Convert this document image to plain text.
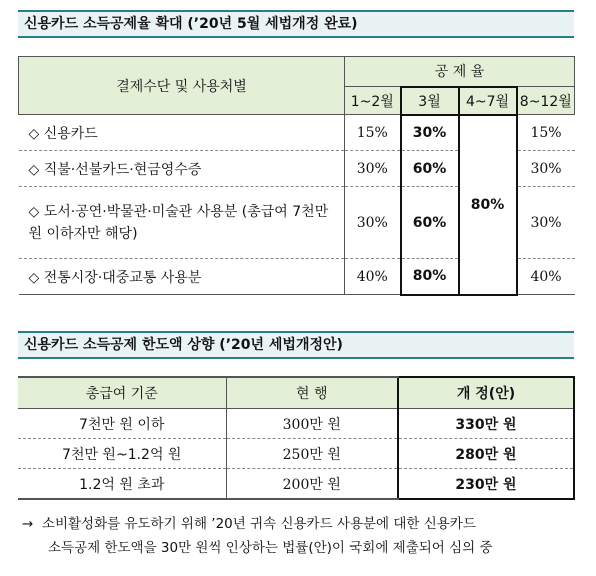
신용카드 소득공제율 확대 (’20년 5월 세법개정 완료)
결제수단 및 사용처별	공 제 율			
	1~2월	3월	4~7월	8~12월
◇ 신용카드	15%	30%	80%	15%
◇ 직불·선불카드·현금영수증	30%	60%		30%
◇ 도서·공연·박물관·미술관 사용분 (총급여 7천만 원 이하자만 해당)	30%	60%		30%
◇ 전통시장·대중교통 사용분	40%	80%		40%
신용카드 소득공제 한도액 상향 (’20년 세법개정안)
총급여 기준	현 행	개 정(안)
7천만 원 이하	300만 원	330만 원
7천만 원~1.2억 원	250만 원	280만 원
1.2억 원 초과	200만 원	230만 원
→ 소비활성화를 유도하기 위해 ’20년 귀속 신용카드 사용분에 대한 신용카드
소득공제 한도액을 30만 원씩 인상하는 법률(안)이 국회에 제출되어 심의 중
